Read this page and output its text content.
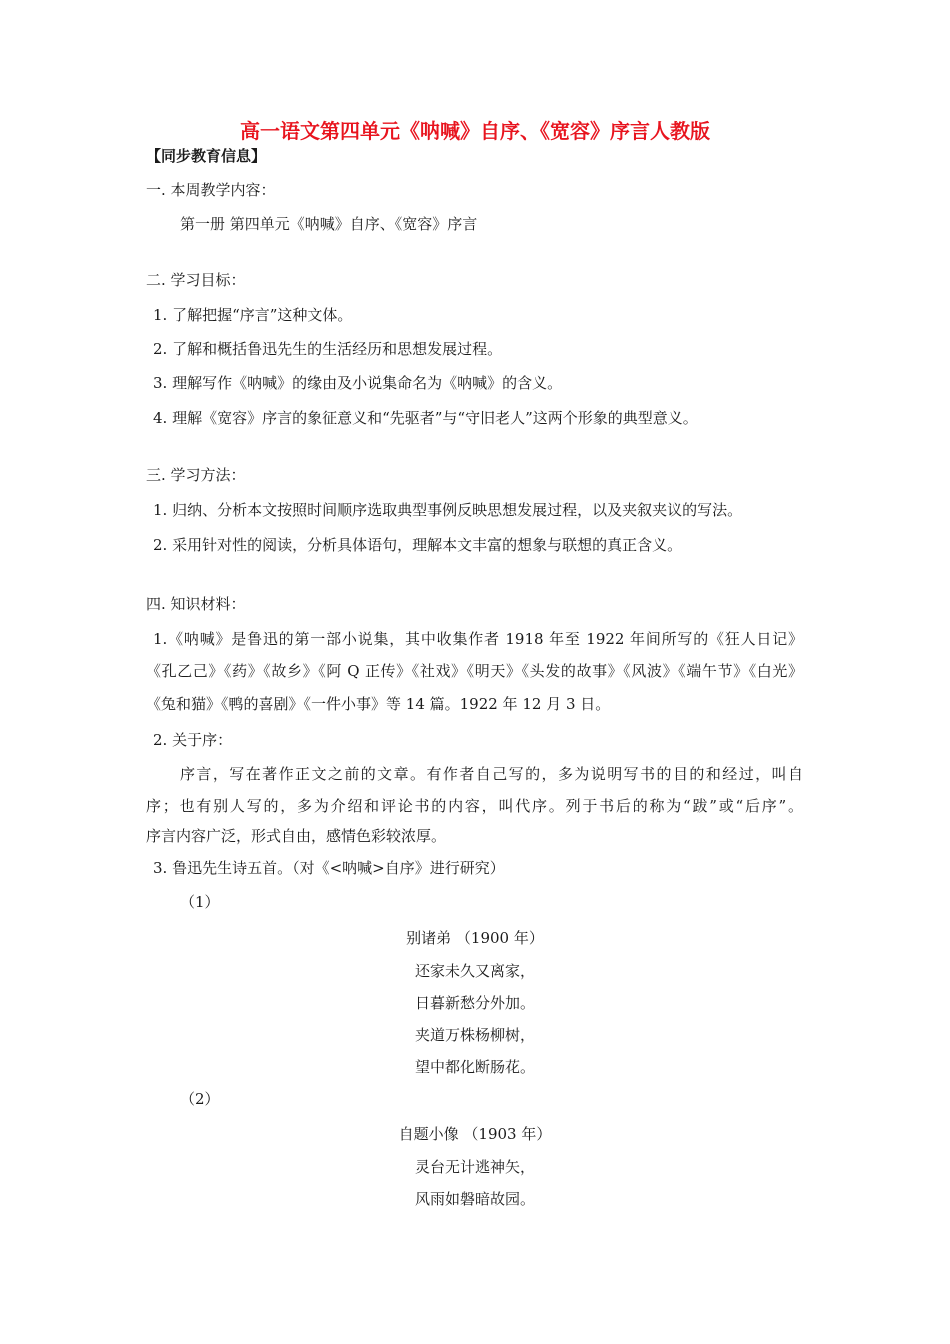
高一语文第四单元《呐喊》自序、《宽容》序言人教版
【同步教育信息】
一. 本周教学内容：
第一册 第四单元《呐喊》自序、《宽容》序言
二. 学习目标：
1. 了解把握“序言”这种文体。
2. 了解和概括鲁迅先生的生活经历和思想发展过程。
3. 理解写作《呐喊》的缘由及小说集命名为《呐喊》的含义。
4. 理解《宽容》序言的象征意义和“先驱者”与“守旧老人”这两个形象的典型意义。
三. 学习方法：
1. 归纳、分析本文按照时间顺序选取典型事例反映思想发展过程，以及夹叙夹议的写法。
2. 采用针对性的阅读，分析具体语句，理解本文丰富的想象与联想的真正含义。
四. 知识材料：
1.《呐喊》是鲁迅的第一部小说集，其中收集作者 1918 年至 1922 年间所写的《狂人日记》
《孔乙己》《药》《故乡》《阿 Q 正传》《社戏》《明天》《头发的故事》《风波》《端午节》《白光》
《兔和猫》《鸭的喜剧》《一件小事》等 14 篇。1922 年 12 月 3 日。
2. 关于序：
序言，写在著作正文之前的文章。有作者自己写的，多为说明写书的目的和经过，叫自
序；也有别人写的，多为介绍和评论书的内容，叫代序。列于书后的称为“跋”或“后序”。
序言内容广泛，形式自由，感情色彩较浓厚。
3. 鲁迅先生诗五首。（对《<呐喊>自序》进行研究）
（1）
别诸弟 （1900 年）
还家未久又离家，
日暮新愁分外加。
夹道万株杨柳树，
望中都化断肠花。
（2）
自题小像 （1903 年）
灵台无计逃神矢，
风雨如磐暗故园。
